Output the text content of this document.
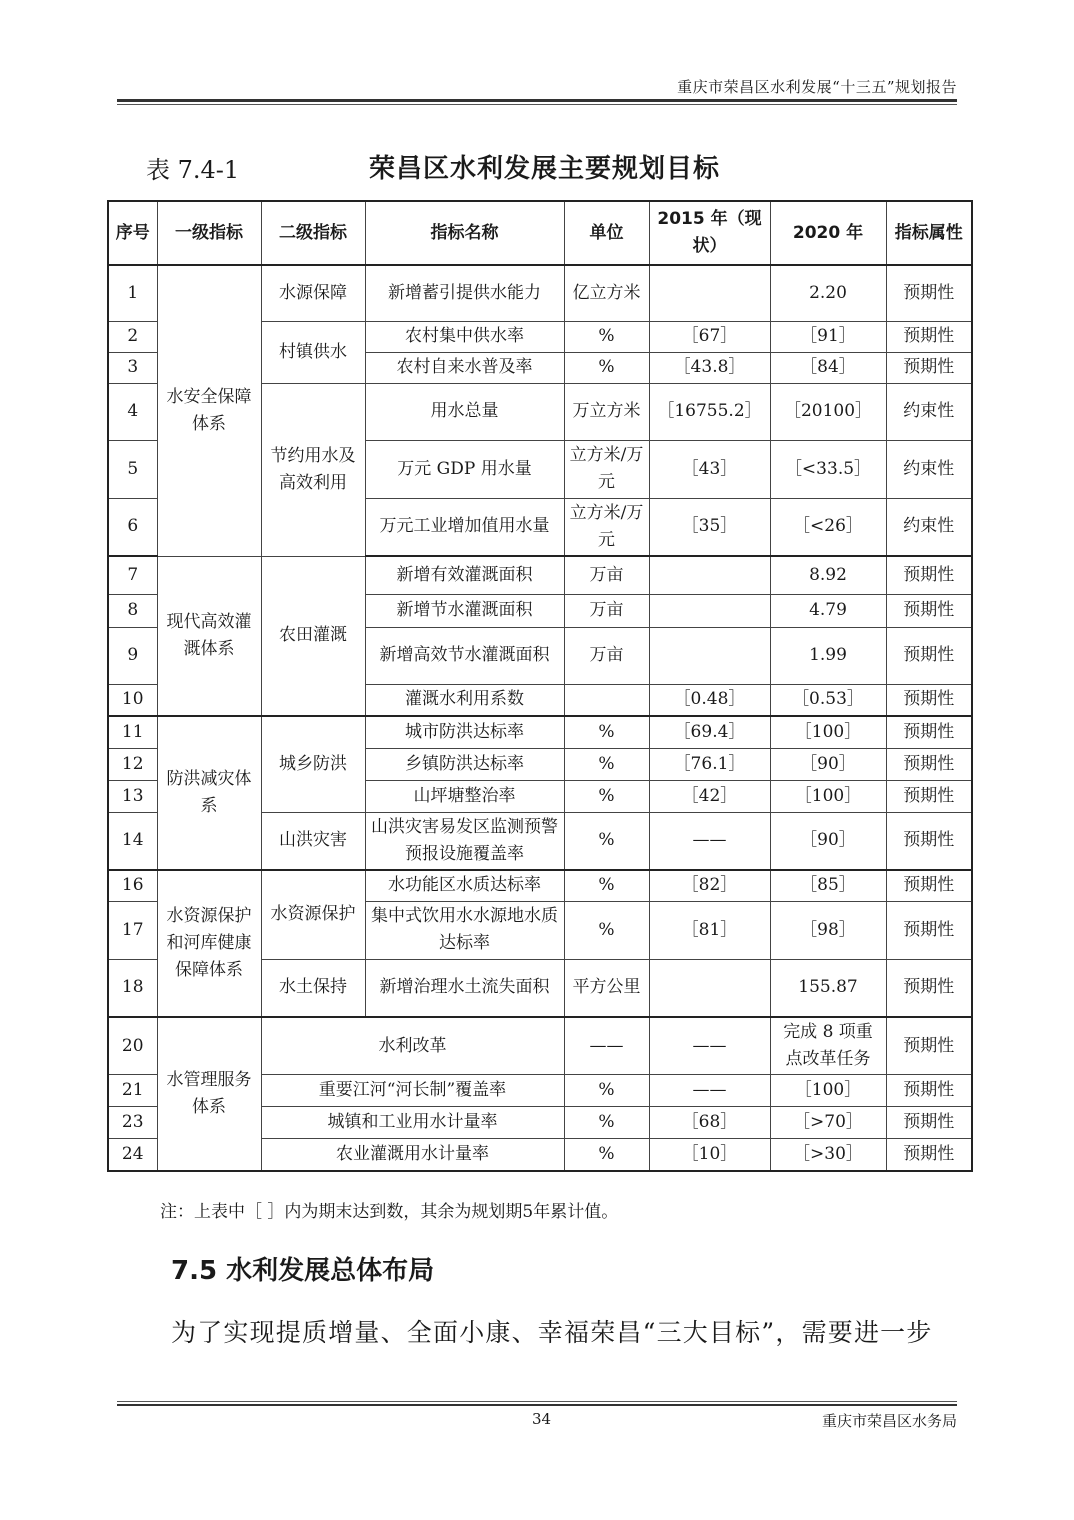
重庆市荣昌区水利发展“十三五”规划报告
表 7.4-1	荣昌区水利发展主要规划目标
序号	一级指标	二级指标	指标名称	单位	2015 年（现状）	2020 年	指标属性
1	水安全保障体系	水源保障	新增蓄引提供水能力	亿立方米		2.20	预期性
2		村镇供水	农村集中供水率	%	［67］	［91］	预期性
3			农村自来水普及率	%	［43.8］	［84］	预期性
4		节约用水及高效利用	用水总量	万立方米	［16755.2］	［20100］	约束性
5			万元 GDP 用水量	立方米/万元	［43］	［<33.5］	约束性
6			万元工业增加值用水量	立方米/万元	［35］	［<26］	约束性
7	现代高效灌溉体系	农田灌溉	新增有效灌溉面积	万亩		8.92	预期性
8			新增节水灌溉面积	万亩		4.79	预期性
9			新增高效节水灌溉面积	万亩		1.99	预期性
10			灌溉水利用系数		［0.48］	［0.53］	预期性
11	防洪减灾体系	城乡防洪	城市防洪达标率	%	［69.4］	［100］	预期性
12			乡镇防洪达标率	%	［76.1］	［90］	预期性
13			山坪塘整治率	%	［42］	［100］	预期性
14		山洪灾害	山洪灾害易发区监测预警预报设施覆盖率	%	——	［90］	预期性
16	水资源保护和河库健康保障体系	水资源保护	水功能区水质达标率	%	［82］	［85］	预期性
17			集中式饮用水水源地水质达标率	%	［81］	［98］	预期性
18		水土保持	新增治理水土流失面积	平方公里		155.87	预期性
20	水管理服务体系	水利改革		——	——	完成 8 项重点改革任务	预期性
21		重要江河“河长制”覆盖率		%	——	［100］	预期性
23		城镇和工业用水计量率		%	［68］	［>70］	预期性
24		农业灌溉用水计量率		%	［10］	［>30］	预期性
注：上表中［ ］内为期末达到数，其余为规划期5年累计值。
7.5 水利发展总体布局
为了实现提质增量、全面小康、幸福荣昌“三大目标”，需要进一步
34	重庆市荣昌区水务局
